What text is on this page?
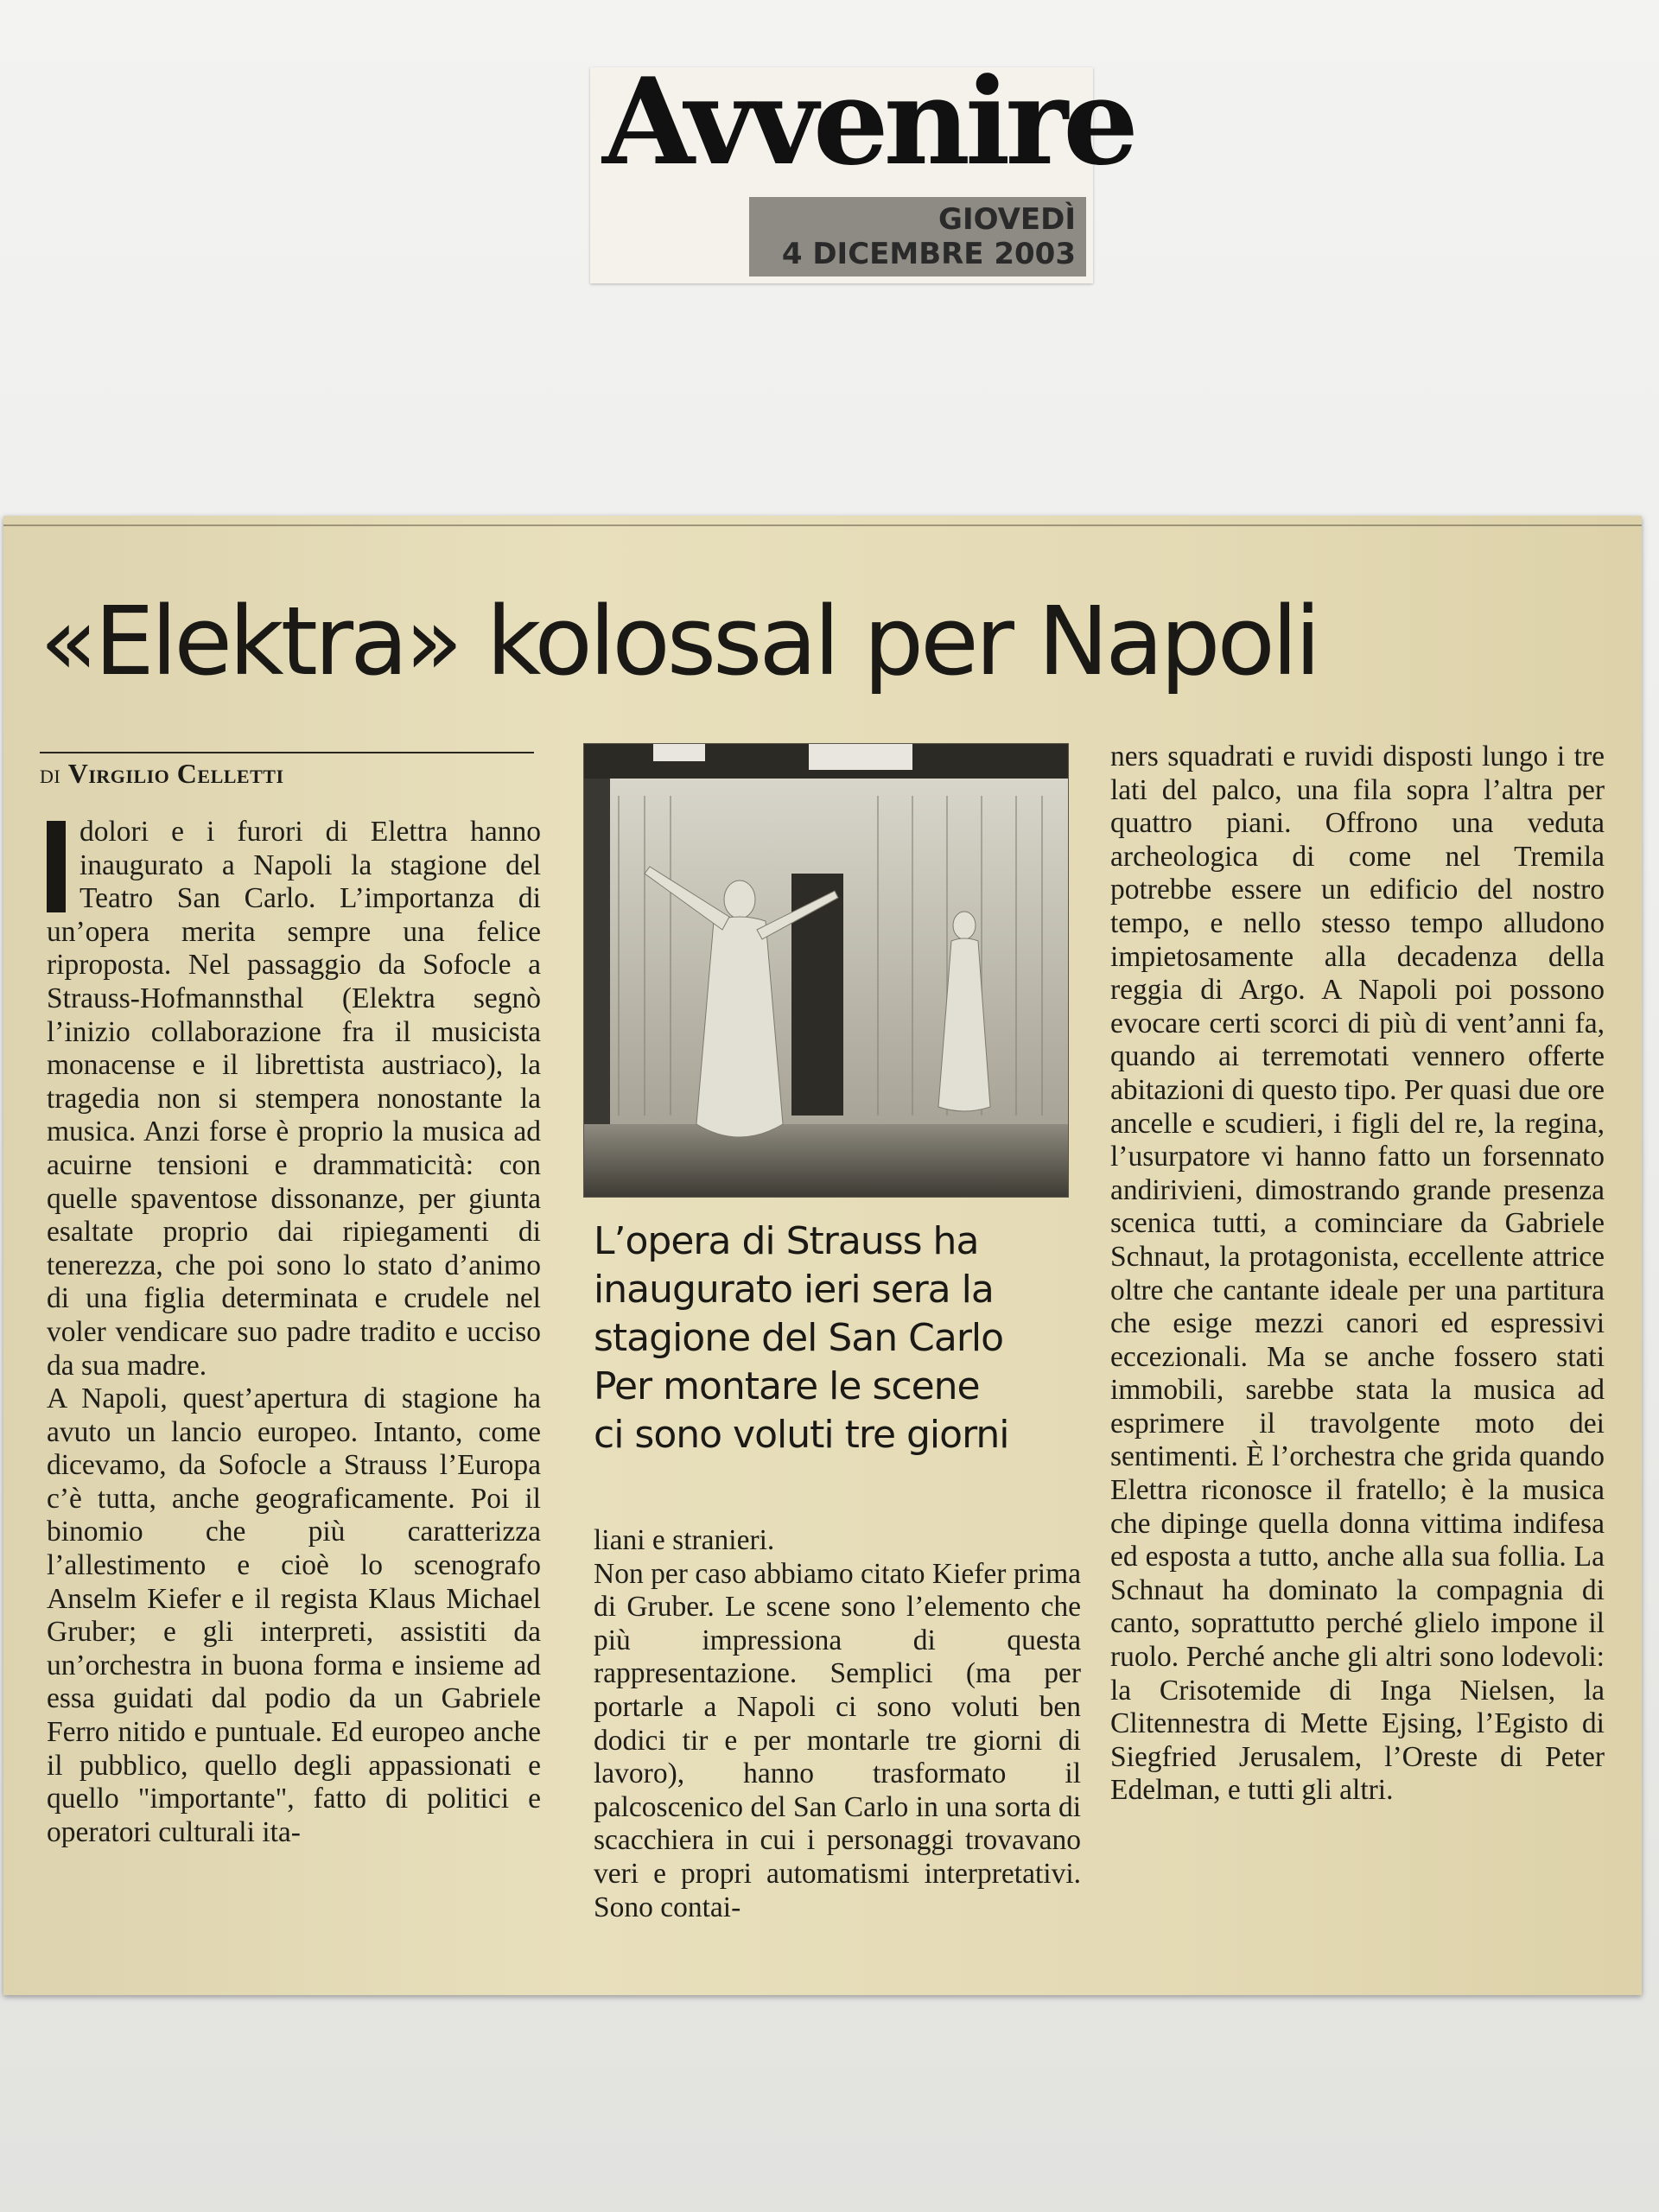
Avvenire
GIOVEDÌ
4 DICEMBRE 2003
«Elektra» kolossal per Napoli
di Virgilio Celletti

dolori e i furori di Elettra hanno inaugurato a Napoli la stagione del Teatro San Carlo. L’importanza di un’opera merita sempre una felice riproposta. Nel passaggio da Sofocle a Strauss-Hofmannsthal (Elektra segnò l’inizio collaborazione fra il musicista monacense e il librettista austriaco), la tragedia non si stempera nonostante la musica. Anzi forse è proprio la musica ad acuirne tensioni e drammaticità: con quelle spaventose dissonanze, per giunta esaltate proprio dai ripiegamenti di tenerezza, che poi sono lo stato d’animo di una figlia determinata e crudele nel voler vendicare suo padre tradito e ucciso da sua madre.

A Napoli, quest’apertura di stagione ha avuto un lancio europeo. Intanto, come dicevamo, da Sofocle a Strauss l’Europa c’è tutta, anche geograficamente. Poi il binomio che più caratterizza l’allestimento e cioè lo scenografo Anselm Kiefer e il regista Klaus Michael Gruber; e gli interpreti, assistiti da un’orchestra in buona forma e insieme ad essa guidati dal podio da un Gabriele Ferro nitido e puntuale. Ed europeo anche il pubblico, quello degli appassionati e quello "importante", fatto di politici e operatori culturali ita-

L’opera di Strauss ha
inaugurato ieri sera la
stagione del San Carlo
Per montare le scene
ci sono voluti tre giorni

liani e stranieri.

Non per caso abbiamo citato Kiefer prima di Gruber. Le scene sono l’elemento che più impressiona di questa rappresentazione. Semplici (ma per portarle a Napoli ci sono voluti ben dodici tir e per montarle tre giorni di lavoro), hanno trasformato il palcoscenico del San Carlo in una sorta di scacchiera in cui i personaggi trovavano veri e propri automatismi interpretativi. Sono contai-

ners squadrati e ruvidi disposti lungo i tre lati del palco, una fila sopra l’altra per quattro piani. Offrono una veduta archeologica di come nel Tremila potrebbe essere un edificio del nostro tempo, e nello stesso tempo alludono impietosamente alla decadenza della reggia di Argo. A Napoli poi possono evocare certi scorci di più di vent’anni fa, quando ai terremotati vennero offerte abitazioni di questo tipo. Per quasi due ore ancelle e scudieri, i figli del re, la regina, l’usurpatore vi hanno fatto un forsennato andirivieni, dimostrando grande presenza scenica tutti, a cominciare da Gabriele Schnaut, la protagonista, eccellente attrice oltre che cantante ideale per una partitura che esige mezzi canori ed espressivi eccezionali. Ma se anche fossero stati immobili, sarebbe stata la musica ad esprimere il travolgente moto dei sentimenti. È l’orchestra che grida quando Elettra riconosce il fratello; è la musica che dipinge quella donna vittima indifesa ed esposta a tutto, anche alla sua follia. La Schnaut ha dominato la compagnia di canto, soprattutto perché glielo impone il ruolo. Perché anche gli altri sono lodevoli: la Crisotemide di Inga Nielsen, la Clitennestra di Mette Ejsing, l’Egisto di Siegfried Jerusalem, l’Oreste di Peter Edelman, e tutti gli altri.
